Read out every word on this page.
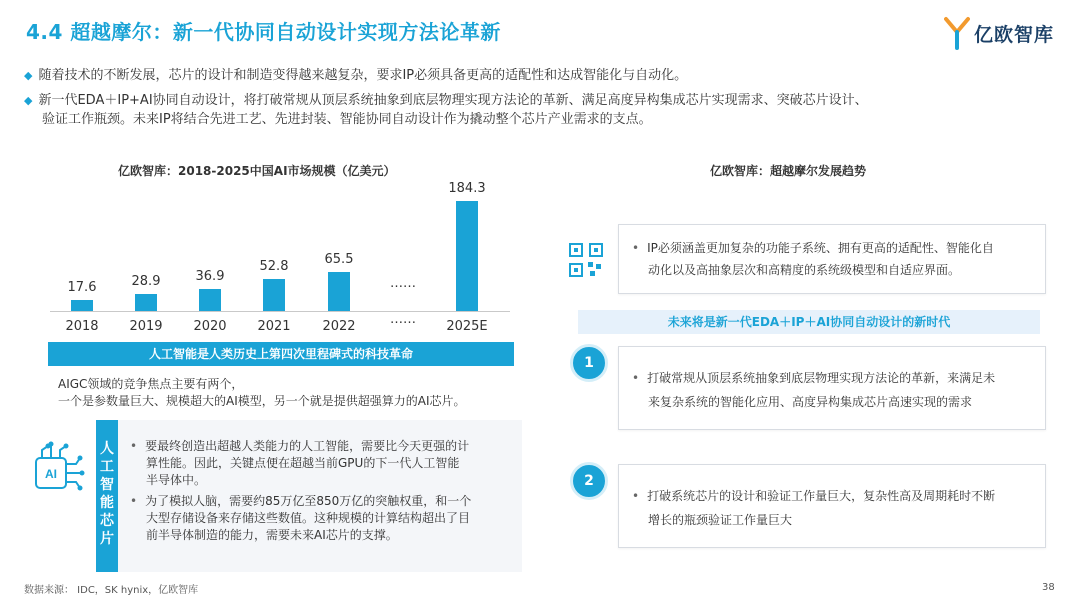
4.4 超越摩尔：新一代协同自动设计实现方法论革新	亿欧智库
◆ 随着技术的不断发展，芯片的设计和制造变得越来越复杂，要求IP必须具备更高的适配性和达成智能化与自动化。
◆ 新一代EDA＋IP+AI协同自动设计，将打破常规从顶层系统抽象到底层物理实现方法论的革新、满足高度异构集成芯片实现需求、突破芯片设计、
验证工作瓶颈。未来IP将结合先进工艺、先进封装、智能协同自动设计作为撬动整个芯片产业需求的支点。
亿欧智库：2018-2025中国AI市场规模（亿美元）
17.6
2018
28.9
2019
36.9
2020
52.8
2021
65.5
2022
……
……
184.3
2025E
人工智能是人类历史上第四次里程碑式的科技革命
AIGC领域的竞争焦点主要有两个，
一个是参数量巨大、规模超大的AI模型，另一个就是提供超强算力的AI芯片。
AI
人
工
智
能
芯
片
• 要最终创造出超越人类能力的人工智能，需要比今天更强的计
算性能。因此，关键点便在超越当前GPU的下一代人工智能
半导体中。
• 为了模拟人脑，需要约85万亿至850万亿的突触权重，和一个
大型存储设备来存储这些数值。这种规模的计算结构超出了目
前半导体制造的能力，需要未来AI芯片的支撑。
亿欧智库：超越摩尔发展趋势
• IP必须涵盖更加复杂的功能子系统、拥有更高的适配性、智能化自
动化以及高抽象层次和高精度的系统级模型和自适应界面。
未来将是新一代EDA＋IP＋AI协同自动设计的新时代
1
• 打破常规从顶层系统抽象到底层物理实现方法论的革新，来满足未
来复杂系统的智能化应用、高度异构集成芯片高速实现的需求
2
• 打破系统芯片的设计和验证工作量巨大，复杂性高及周期耗时不断
增长的瓶颈验证工作量巨大
数据来源： IDC，SK hynix，亿欧智库	38
